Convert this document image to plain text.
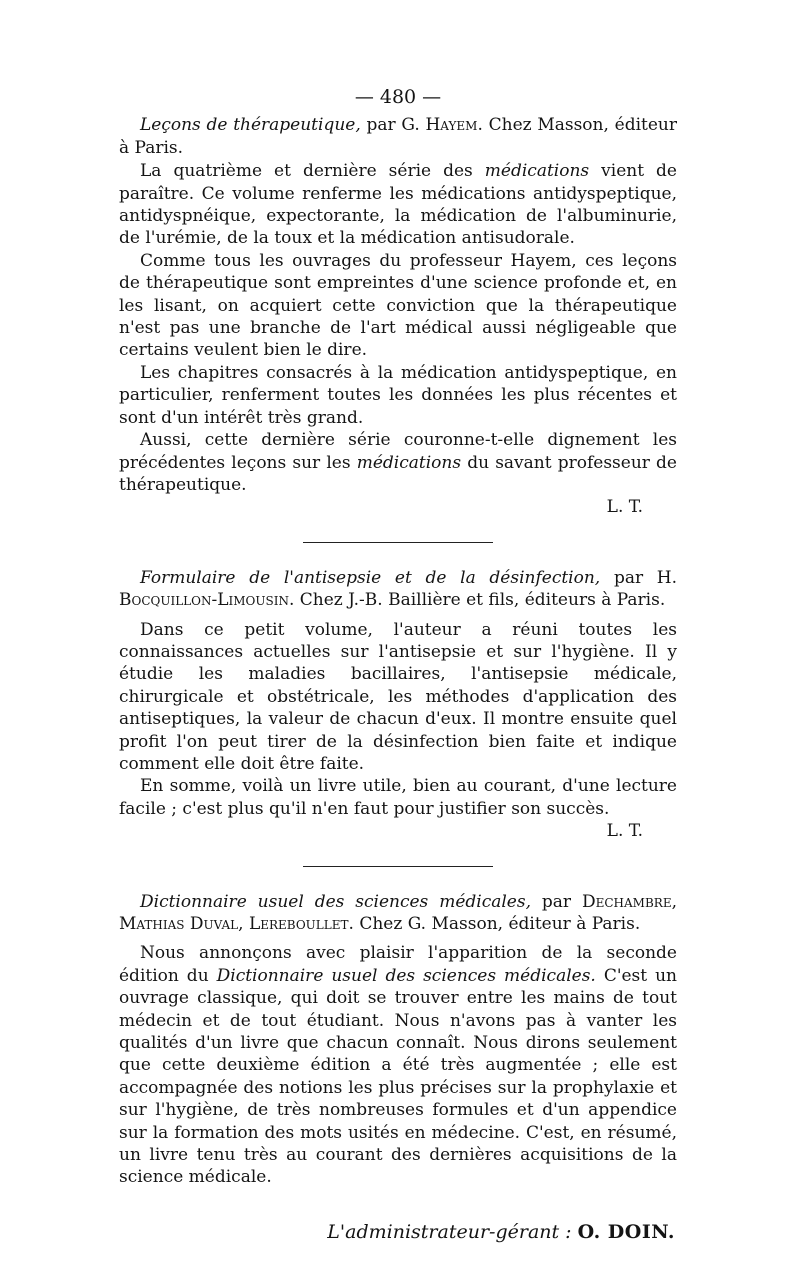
— 480 —

Leçons de thérapeutique, par G. Hayem. Chez Masson, éditeur à Paris.

La quatrième et dernière série des médications vient de paraître. Ce volume renferme les médications antidyspeptique, antidyspnéique, expectorante, la médication de l'albuminurie, de l'urémie, de la toux et la médication antisudorale.

Comme tous les ouvrages du professeur Hayem, ces leçons de thérapeutique sont empreintes d'une science profonde et, en les lisant, on acquiert cette conviction que la thérapeutique n'est pas une branche de l'art médical aussi négligeable que certains veulent bien le dire.

Les chapitres consacrés à la médication antidyspeptique, en particulier, renferment toutes les données les plus récentes et sont d'un intérêt très grand.

Aussi, cette dernière série couronne-t-elle dignement les précédentes leçons sur les médications du savant professeur de thérapeutique.

L. T.

Formulaire de l'antisepsie et de la désinfection, par H. Bocquillon-Limousin. Chez J.-B. Baillière et fils, éditeurs à Paris.

Dans ce petit volume, l'auteur a réuni toutes les connaissances actuelles sur l'antisepsie et sur l'hygiène. Il y étudie les maladies bacillaires, l'antisepsie médicale, chirurgicale et obstétricale, les méthodes d'application des antiseptiques, la valeur de chacun d'eux. Il montre ensuite quel profit l'on peut tirer de la désinfection bien faite et indique comment elle doit être faite.

En somme, voilà un livre utile, bien au courant, d'une lecture facile ; c'est plus qu'il n'en faut pour justifier son succès.

L. T.

Dictionnaire usuel des sciences médicales, par Dechambre, Mathias Duval, Lereboullet. Chez G. Masson, éditeur à Paris.

Nous annonçons avec plaisir l'apparition de la seconde édition du Dictionnaire usuel des sciences médicales. C'est un ouvrage classique, qui doit se trouver entre les mains de tout médecin et de tout étudiant. Nous n'avons pas à vanter les qualités d'un livre que chacun connaît. Nous dirons seulement que cette deuxième édition a été très augmentée ; elle est accompagnée des notions les plus précises sur la prophylaxie et sur l'hygiène, de très nombreuses formules et d'un appendice sur la formation des mots usités en médecine. C'est, en résumé, un livre tenu très au courant des dernières acquisitions de la science médicale.

L'administrateur-gérant : O. DOIN.
